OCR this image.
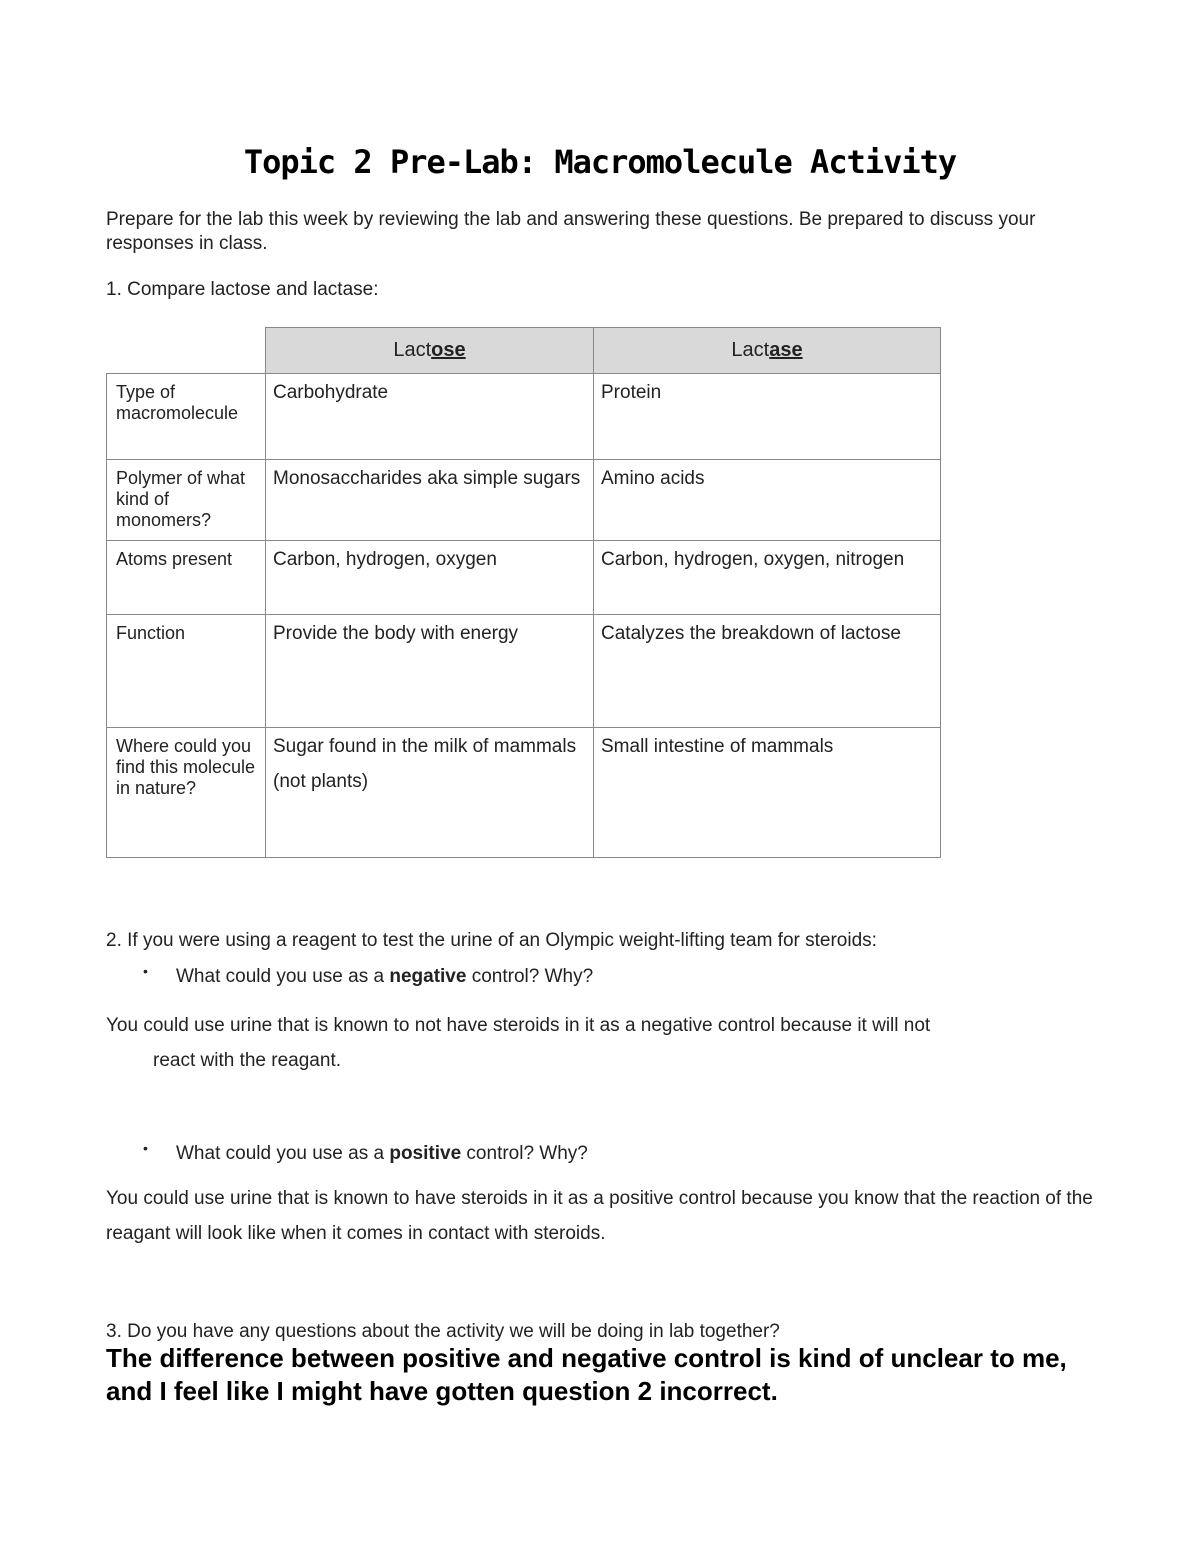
Topic 2 Pre-Lab: Macromolecule Activity
Prepare for the lab this week by reviewing the lab and answering these questions. Be prepared to discuss your responses in class.
1. Compare lactose and lactase:
	Lactose	Lactase
Type of macromolecule	Carbohydrate	Protein
Polymer of what kind of monomers?	Monosaccharides aka simple sugars	Amino acids
Atoms present	Carbon, hydrogen, oxygen	Carbon, hydrogen, oxygen, nitrogen
Function	Provide the body with energy	Catalyzes the breakdown of lactose
Where could you find this molecule in nature?	Sugar found in the milk of mammals (not plants)	Small intestine of mammals
2. If you were using a reagent to test the urine of an Olympic weight-lifting team for steroids:
• What could you use as a negative control? Why?
You could use urine that is known to not have steroids in it as a negative control because it will not
react with the reagant.
• What could you use as a positive control? Why?
You could use urine that is known to have steroids in it as a positive control because you know that the reaction of the reagant will look like when it comes in contact with steroids.
3. Do you have any questions about the activity we will be doing in lab together?
The difference between positive and negative control is kind of unclear to me, and I feel like I might have gotten question 2 incorrect.
